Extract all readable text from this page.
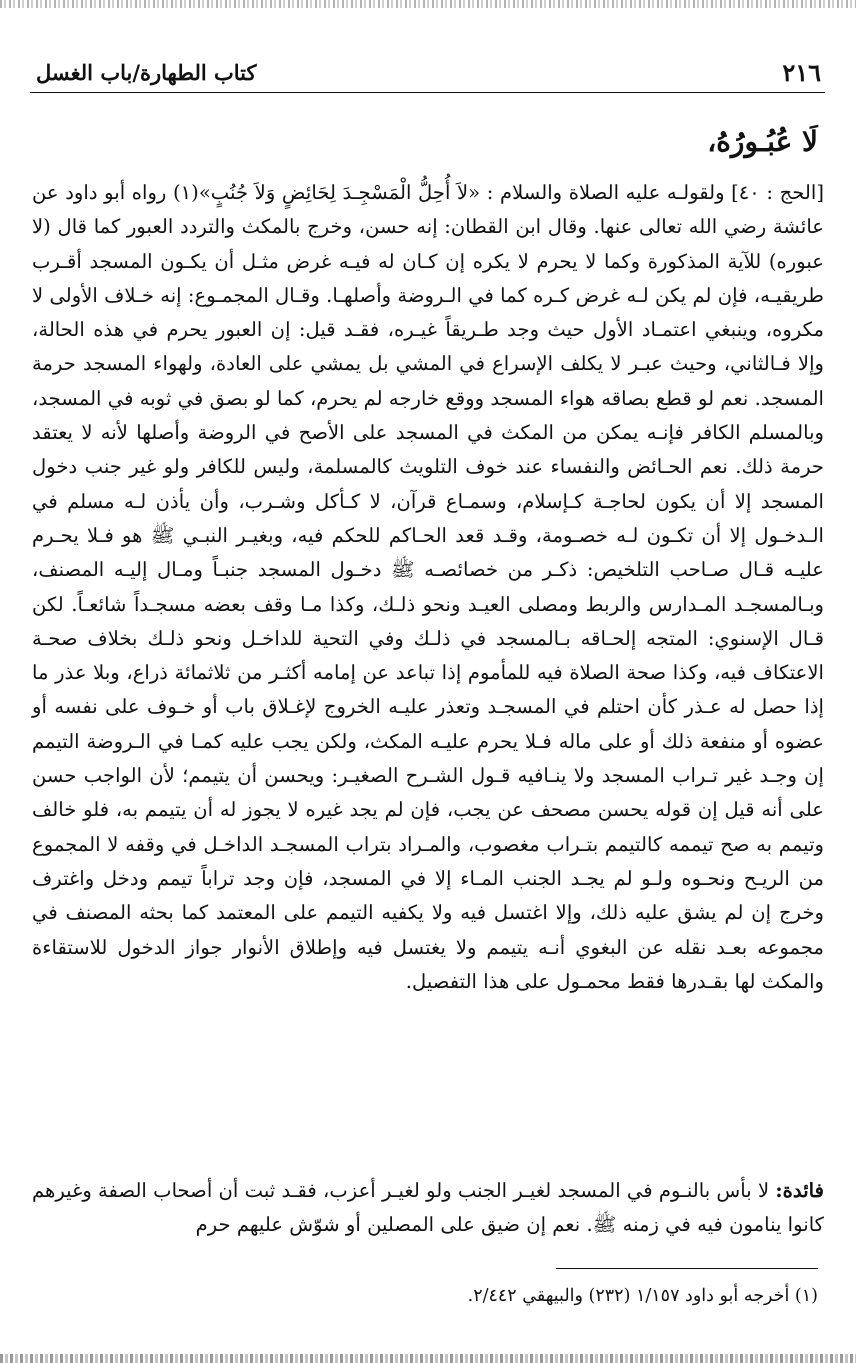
كتاب الطهارة/باب الغسل	٢١٦
لَا عُبُـورُهُ،

[الحج : ٤٠] ولقولـه عليه الصلاة والسلام : «لاَ أُحِلُّ الْمَسْجِـدَ لِحَائِضٍ وَلاَ جُنُبٍ»(١) رواه أبو داود عن عائشة رضي الله تعالى عنها. وقال ابن القطان: إنه حسن، وخرج بالمكث والتردد العبور كما قال (لا عبوره) للآية المذكورة وكما لا يحرم لا يكره إن كـان له فيـه غرض مثـل أن يكـون المسجد أقـرب طريقيـه، فإن لم يكن لـه غرض كـره كما في الـروضة وأصلهـا. وقـال المجمـوع: إنه خـلاف الأولى لا مكروه، وينبغي اعتمـاد الأول حيث وجد طـريقاً غيـره، فقـد قيل: إن العبور يحرم في هذه الحالة، وإلا فـالثاني، وحيث عبـر لا يكلف الإسراع في المشي بل يمشي على العادة، ولهواء المسجد حرمة المسجد. نعم لو قطع بصاقه هواء المسجد ووقع خارجه لم يحرم، كما لو بصق في ثوبه في المسجد، وبالمسلم الكافر فإنـه يمكن من المكث في المسجد على الأصح في الروضة وأصلها لأنه لا يعتقد حرمة ذلك. نعم الحـائض والنفساء عند خوف التلويث كالمسلمة، وليس للكافر ولو غير جنب دخول المسجد إلا أن يكون لحاجـة كـإسلام، وسمـاع قرآن، لا كـأكل وشـرب، وأن يأذن لـه مسلم في الـدخـول إلا أن تكـون لـه خصـومة، وقـد قعد الحـاكم للحكم فيه، وبغيـر النبـي ﷺ هو فـلا يحـرم عليـه قـال صـاحب التلخيص: ذكـر من خصائصـه ﷺ دخـول المسجد جنبـاً ومـال إليـه المصنف، وبـالمسجـد المـدارس والربط ومصلى العيـد ونحو ذلـك، وكذا مـا وقف بعضه مسجـداً شائعـاً. لكن قـال الإسنوي: المتجه إلحـاقه بـالمسجد في ذلـك وفي التحية للداخـل ونحو ذلـك بخلاف صحـة الاعتكاف فيه، وكذا صحة الصلاة فيه للمأموم إذا تباعد عن إمامه أكثـر من ثلاثمائة ذراع، وبلا عذر ما إذا حصل له عـذر كأن احتلم في المسجـد وتعذر عليـه الخروج لإغـلاق باب أو خـوف على نفسه أو عضوه أو منفعة ذلك أو على ماله فـلا يحرم عليـه المكث، ولكن يجب عليه كمـا في الـروضة التيمم إن وجـد غير تـراب المسجد ولا ينـافيه قـول الشـرح الصغيـر: ويحسن أن يتيمم؛ لأن الواجب حسن على أنه قيل إن قوله يحسن مصحف عن يجب، فإن لم يجد غيره لا يجوز له أن يتيمم به، فلو خالف وتيمم به صح تيممه كالتيمم بتـراب مغصوب، والمـراد بتراب المسجـد الداخـل في وقفه لا المجموع من الريـح ونحـوه ولـو لم يجـد الجنب المـاء إلا في المسجد، فإن وجد تراباً تيمم ودخل واغترف وخرج إن لم يشق عليه ذلك، وإلا اغتسل فيه ولا يكفيه التيمم على المعتمد كما بحثه المصنف في مجموعه بعـد نقله عن البغوي أنـه يتيمم ولا يغتسل فيه وإطلاق الأنوار جواز الدخول للاستقاءة والمكث لها بقـدرها فقط محمـول على هذا التفصيل.

فائدة: لا بأس بالنـوم في المسجد لغيـر الجنب ولو لغيـر أعزب، فقـد ثبت أن أصحاب الصفة وغيرهم كانوا ينامون فيه في زمنه ﷺ. نعم إن ضيق على المصلين أو شوّش عليهم حرم

(١) أخرجه أبو داود ١/١٥٧ (٢٣٢) والبيهقي ٢/٤٤٢.
